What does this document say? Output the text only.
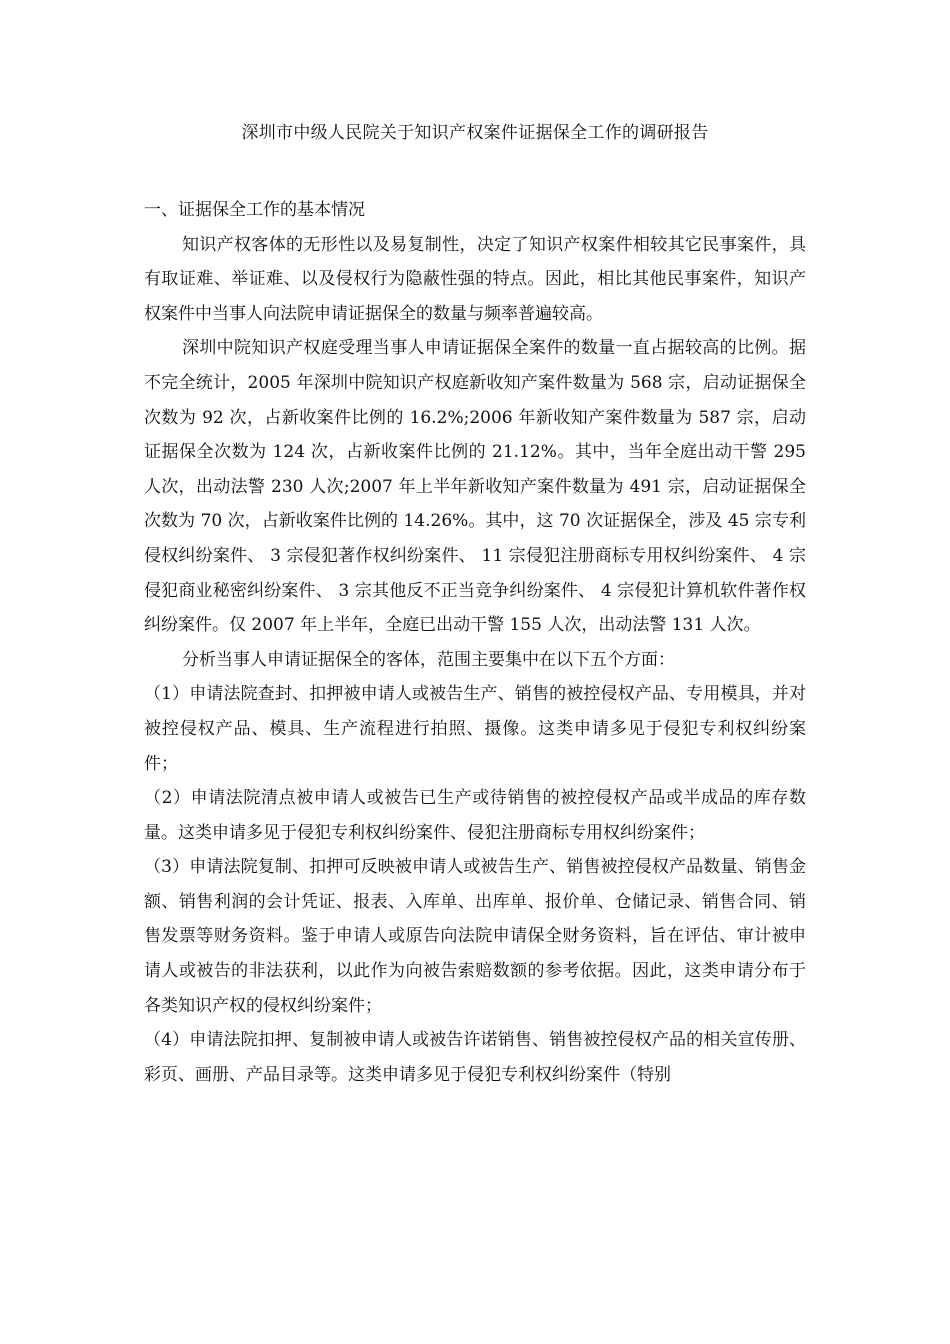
深圳市中级人民院关于知识产权案件证据保全工作的调研报告

一、证据保全工作的基本情况

知识产权客体的无形性以及易复制性，决定了知识产权案件相较其它民事案件，具有取证难、举证难、以及侵权行为隐蔽性强的特点。因此，相比其他民事案件，知识产权案件中当事人向法院申请证据保全的数量与频率普遍较高。

深圳中院知识产权庭受理当事人申请证据保全案件的数量一直占据较高的比例。据不完全统计，2005 年深圳中院知识产权庭新收知产案件数量为 568 宗，启动证据保全次数为 92 次，占新收案件比例的 16.2%;2006 年新收知产案件数量为 587 宗，启动证据保全次数为 124 次，占新收案件比例的 21.12%。其中，当年全庭出动干警 295 人次，出动法警 230 人次;2007 年上半年新收知产案件数量为 491 宗，启动证据保全次数为 70 次，占新收案件比例的 14.26%。其中，这 70 次证据保全，涉及 45 宗专利侵权纠纷案件、 3 宗侵犯著作权纠纷案件、 11 宗侵犯注册商标专用权纠纷案件、 4 宗侵犯商业秘密纠纷案件、 3 宗其他反不正当竞争纠纷案件、 4 宗侵犯计算机软件著作权纠纷案件。仅 2007 年上半年，全庭已出动干警 155 人次，出动法警 131 人次。

分析当事人申请证据保全的客体，范围主要集中在以下五个方面：

（1）申请法院查封、扣押被申请人或被告生产、销售的被控侵权产品、专用模具，并对被控侵权产品、模具、生产流程进行拍照、摄像。这类申请多见于侵犯专利权纠纷案件；

（2）申请法院清点被申请人或被告已生产或待销售的被控侵权产品或半成品的库存数量。这类申请多见于侵犯专利权纠纷案件、侵犯注册商标专用权纠纷案件；

（3）申请法院复制、扣押可反映被申请人或被告生产、销售被控侵权产品数量、销售金额、销售利润的会计凭证、报表、入库单、出库单、报价单、仓储记录、销售合同、销售发票等财务资料。鉴于申请人或原告向法院申请保全财务资料，旨在评估、审计被申请人或被告的非法获利，以此作为向被告索赔数额的参考依据。因此，这类申请分布于各类知识产权的侵权纠纷案件；

（4）申请法院扣押、复制被申请人或被告许诺销售、销售被控侵权产品的相关宣传册、彩页、画册、产品目录等。这类申请多见于侵犯专利权纠纷案件（特别
